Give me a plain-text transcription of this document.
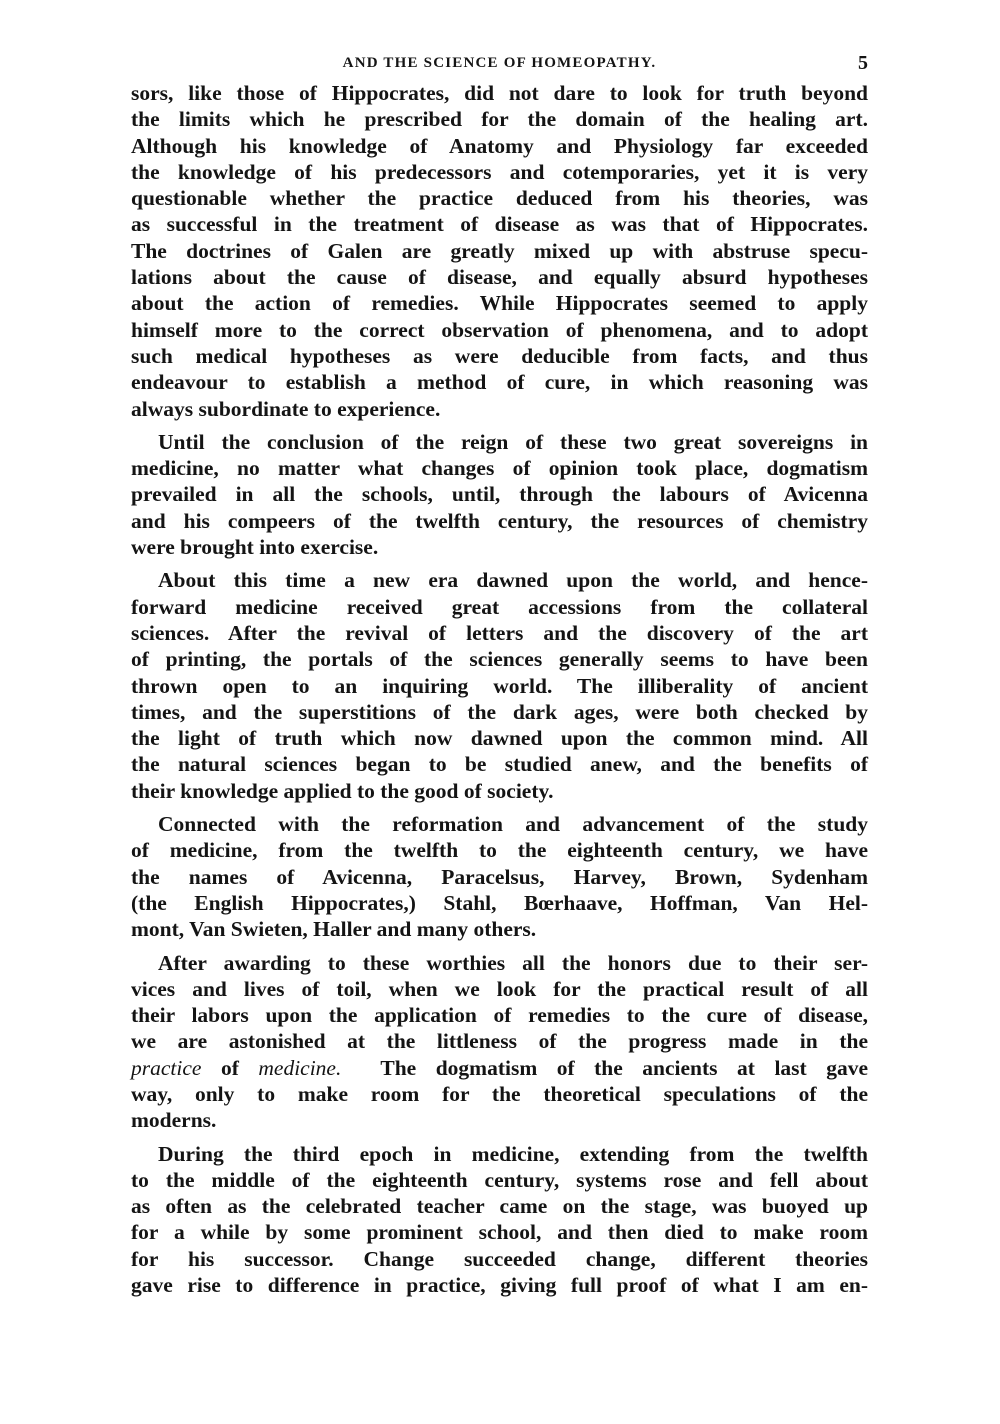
AND THE SCIENCE OF HOMEOPATHY.	5
sors, like those of Hippocrates, did not dare to look for truth beyond
the limits which he prescribed for the domain of the healing art.
Although his knowledge of Anatomy and Physiology far exceeded
the knowledge of his predecessors and cotemporaries, yet it is very
questionable whether the practice deduced from his theories, was
as successful in the treatment of disease as was that of Hippocrates.
The doctrines of Galen are greatly mixed up with abstruse specu-
lations about the cause of disease, and equally absurd hypotheses
about the action of remedies. While Hippocrates seemed to apply
himself more to the correct observation of phenomena, and to adopt
such medical hypotheses as were deducible from facts, and thus
endeavour to establish a method of cure, in which reasoning was
always subordinate to experience.
Until the conclusion of the reign of these two great sovereigns in
medicine, no matter what changes of opinion took place, dogmatism
prevailed in all the schools, until, through the labours of Avicenna
and his compeers of the twelfth century, the resources of chemistry
were brought into exercise.
About this time a new era dawned upon the world, and hence-
forward medicine received great accessions from the collateral
sciences. After the revival of letters and the discovery of the art
of printing, the portals of the sciences generally seems to have been
thrown open to an inquiring world. The illiberality of ancient
times, and the superstitions of the dark ages, were both checked by
the light of truth which now dawned upon the common mind. All
the natural sciences began to be studied anew, and the benefits of
their knowledge applied to the good of society.
Connected with the reformation and advancement of the study
of medicine, from the twelfth to the eighteenth century, we have
the names of Avicenna, Paracelsus, Harvey, Brown, Sydenham
(the English Hippocrates,) Stahl, Bœrhaave, Hoffman, Van Hel-
mont, Van Swieten, Haller and many others.
After awarding to these worthies all the honors due to their ser-
vices and lives of toil, when we look for the practical result of all
their labors upon the application of remedies to the cure of disease,
we are astonished at the littleness of the progress made in the
practice of medicine. The dogmatism of the ancients at last gave
way, only to make room for the theoretical speculations of the
moderns.
During the third epoch in medicine, extending from the twelfth
to the middle of the eighteenth century, systems rose and fell about
as often as the celebrated teacher came on the stage, was buoyed up
for a while by some prominent school, and then died to make room
for his successor. Change succeeded change, different theories
gave rise to difference in practice, giving full proof of what I am en-
